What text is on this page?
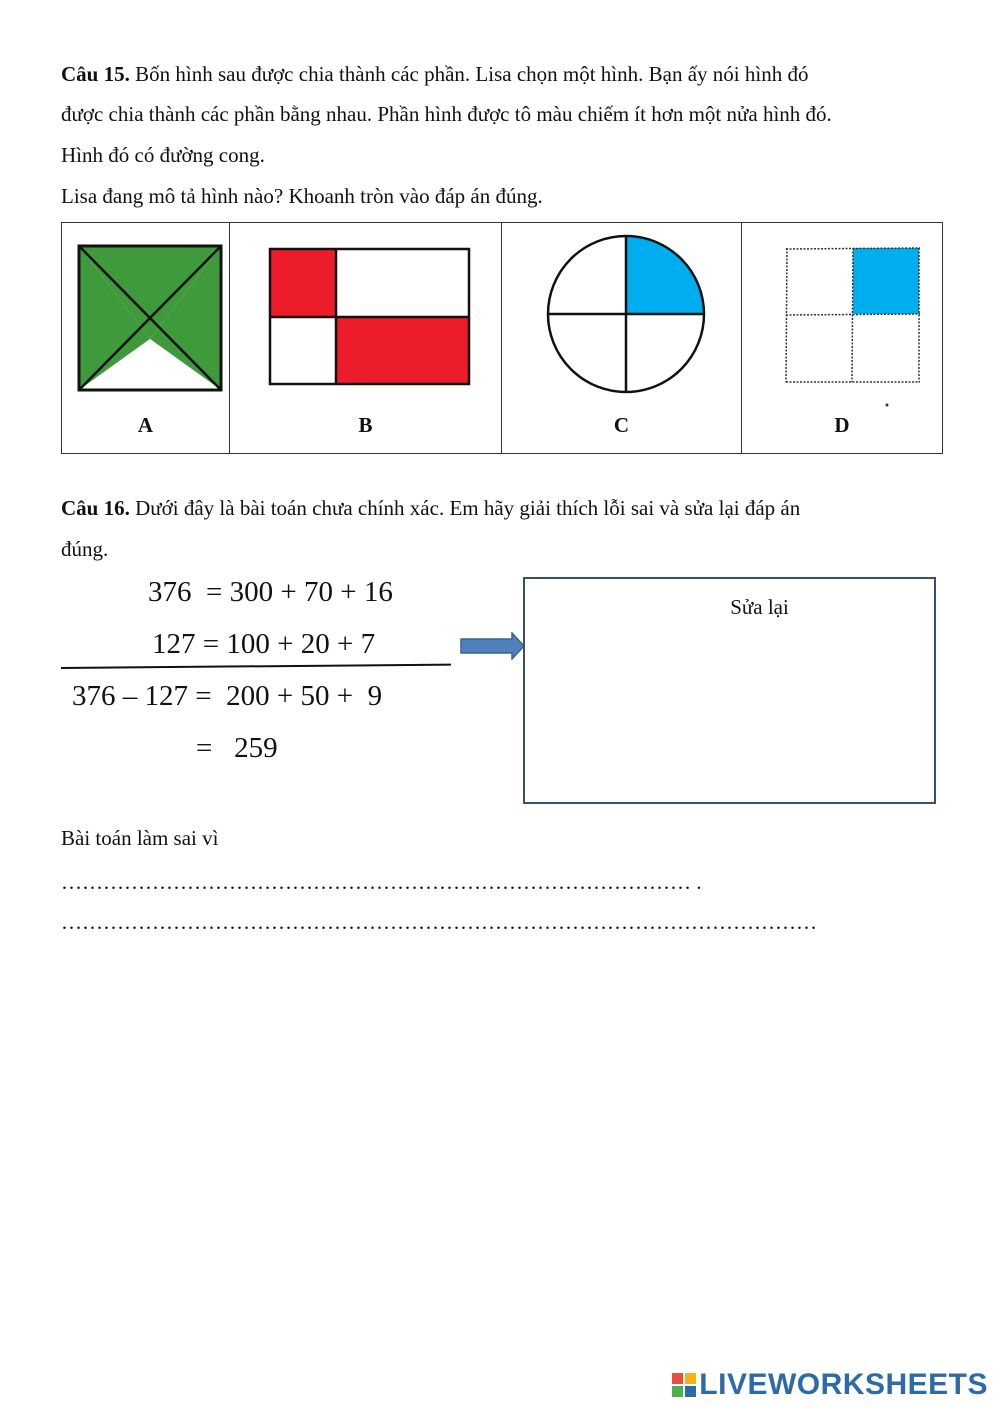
Câu 15. Bốn hình sau được chia thành các phần. Lisa chọn một hình. Bạn ấy nói hình đó
được chia thành các phần bằng nhau. Phần hình được tô màu chiếm ít hơn một nửa hình đó.
Hình đó có đường cong.
Lisa đang mô tả hình nào? Khoanh tròn vào đáp án đúng.
A	B	C	D
Câu 16. Dưới đây là bài toán chưa chính xác. Em hãy giải thích lỗi sai và sửa lại đáp án
đúng.
376  = 300 + 70 + 16
127 = 100 + 20 + 7
376 – 127 =  200 + 50 +  9
=   259
Sửa lại
Bài toán làm sai vì
……………………………………………………………………………… .
………………………………………………………………………………………………
LIVEWORKSHEETS
